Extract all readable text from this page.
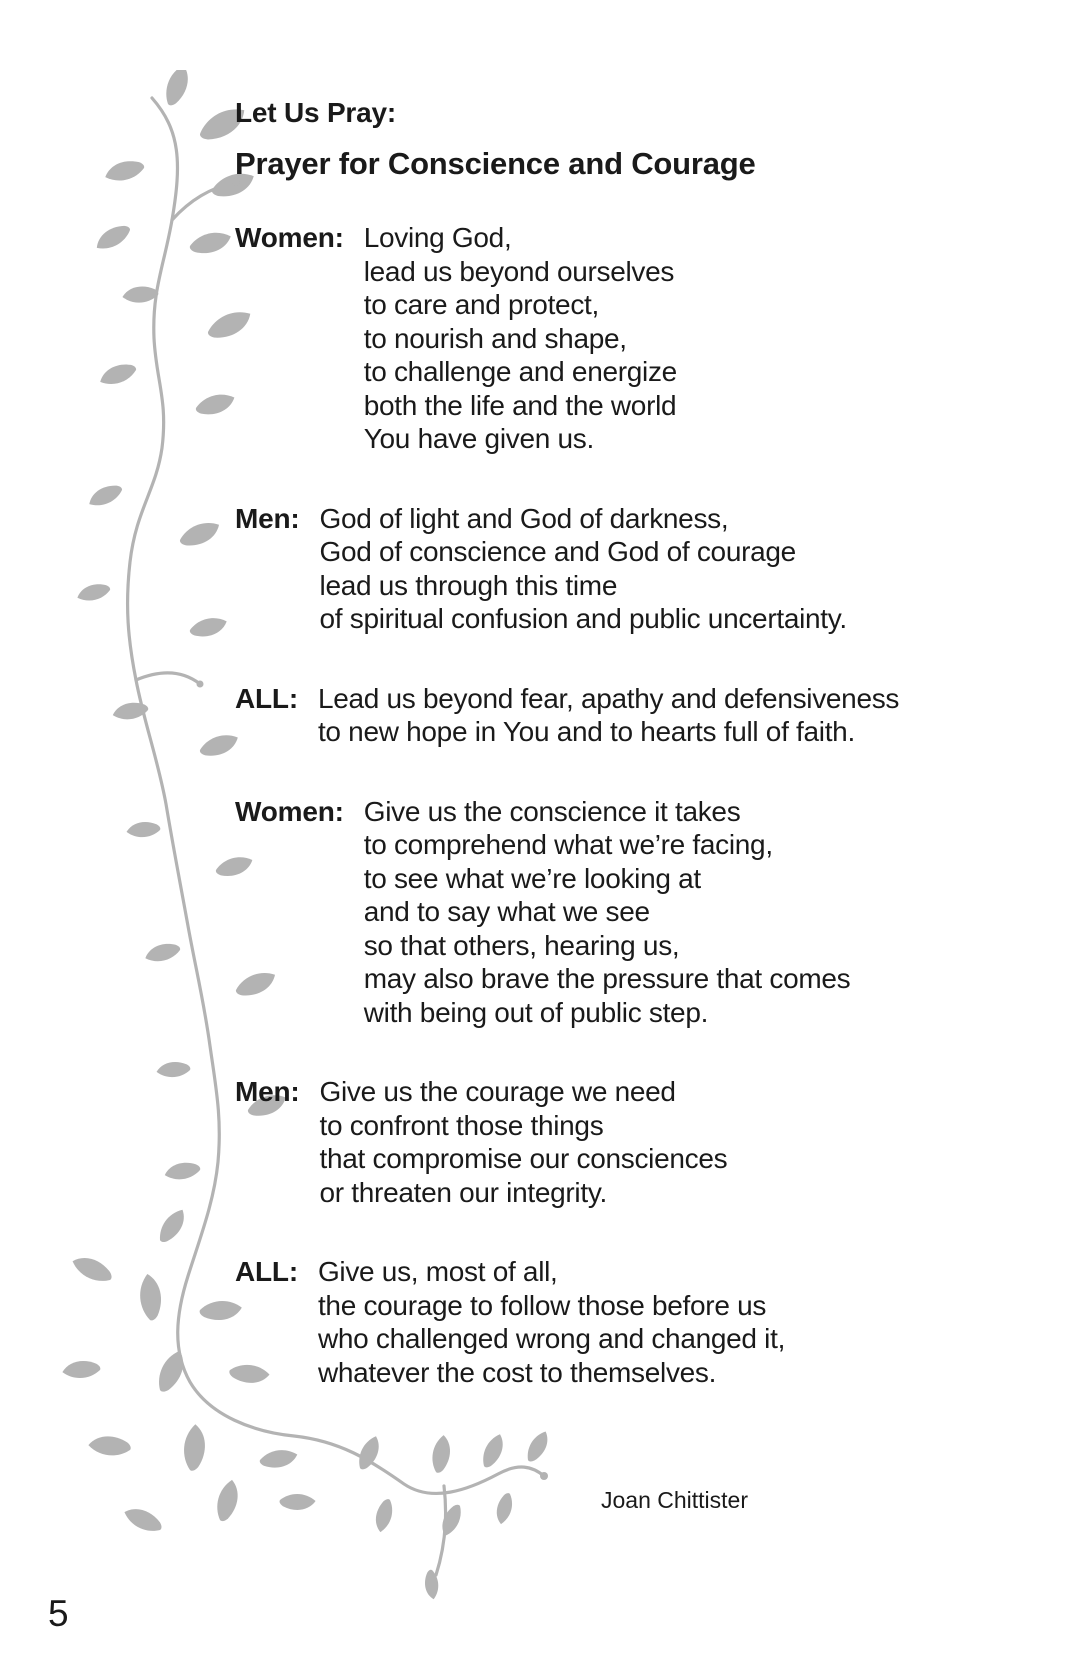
Let Us Pray:
Prayer for Conscience and Courage
Women: Loving God,
lead us beyond ourselves
to care and protect,
to nourish and shape,
to challenge and energize
both the life and the world
You have given us.
Men: God of light and God of darkness,
God of conscience and God of courage
lead us through this time
of spiritual confusion and public uncertainty.
ALL: Lead us beyond fear, apathy and defensiveness
to new hope in You and to hearts full of faith.
Women: Give us the conscience it takes
to comprehend what we’re facing,
to see what we’re looking at
and to say what we see
so that others, hearing us,
may also brave the pressure that comes
with being out of public step.
Men: Give us the courage we need
to confront those things
that compromise our consciences
or threaten our integrity.
ALL: Give us, most of all,
the courage to follow those before us
who challenged wrong and changed it,
whatever the cost to themselves.
Joan Chittister
5
